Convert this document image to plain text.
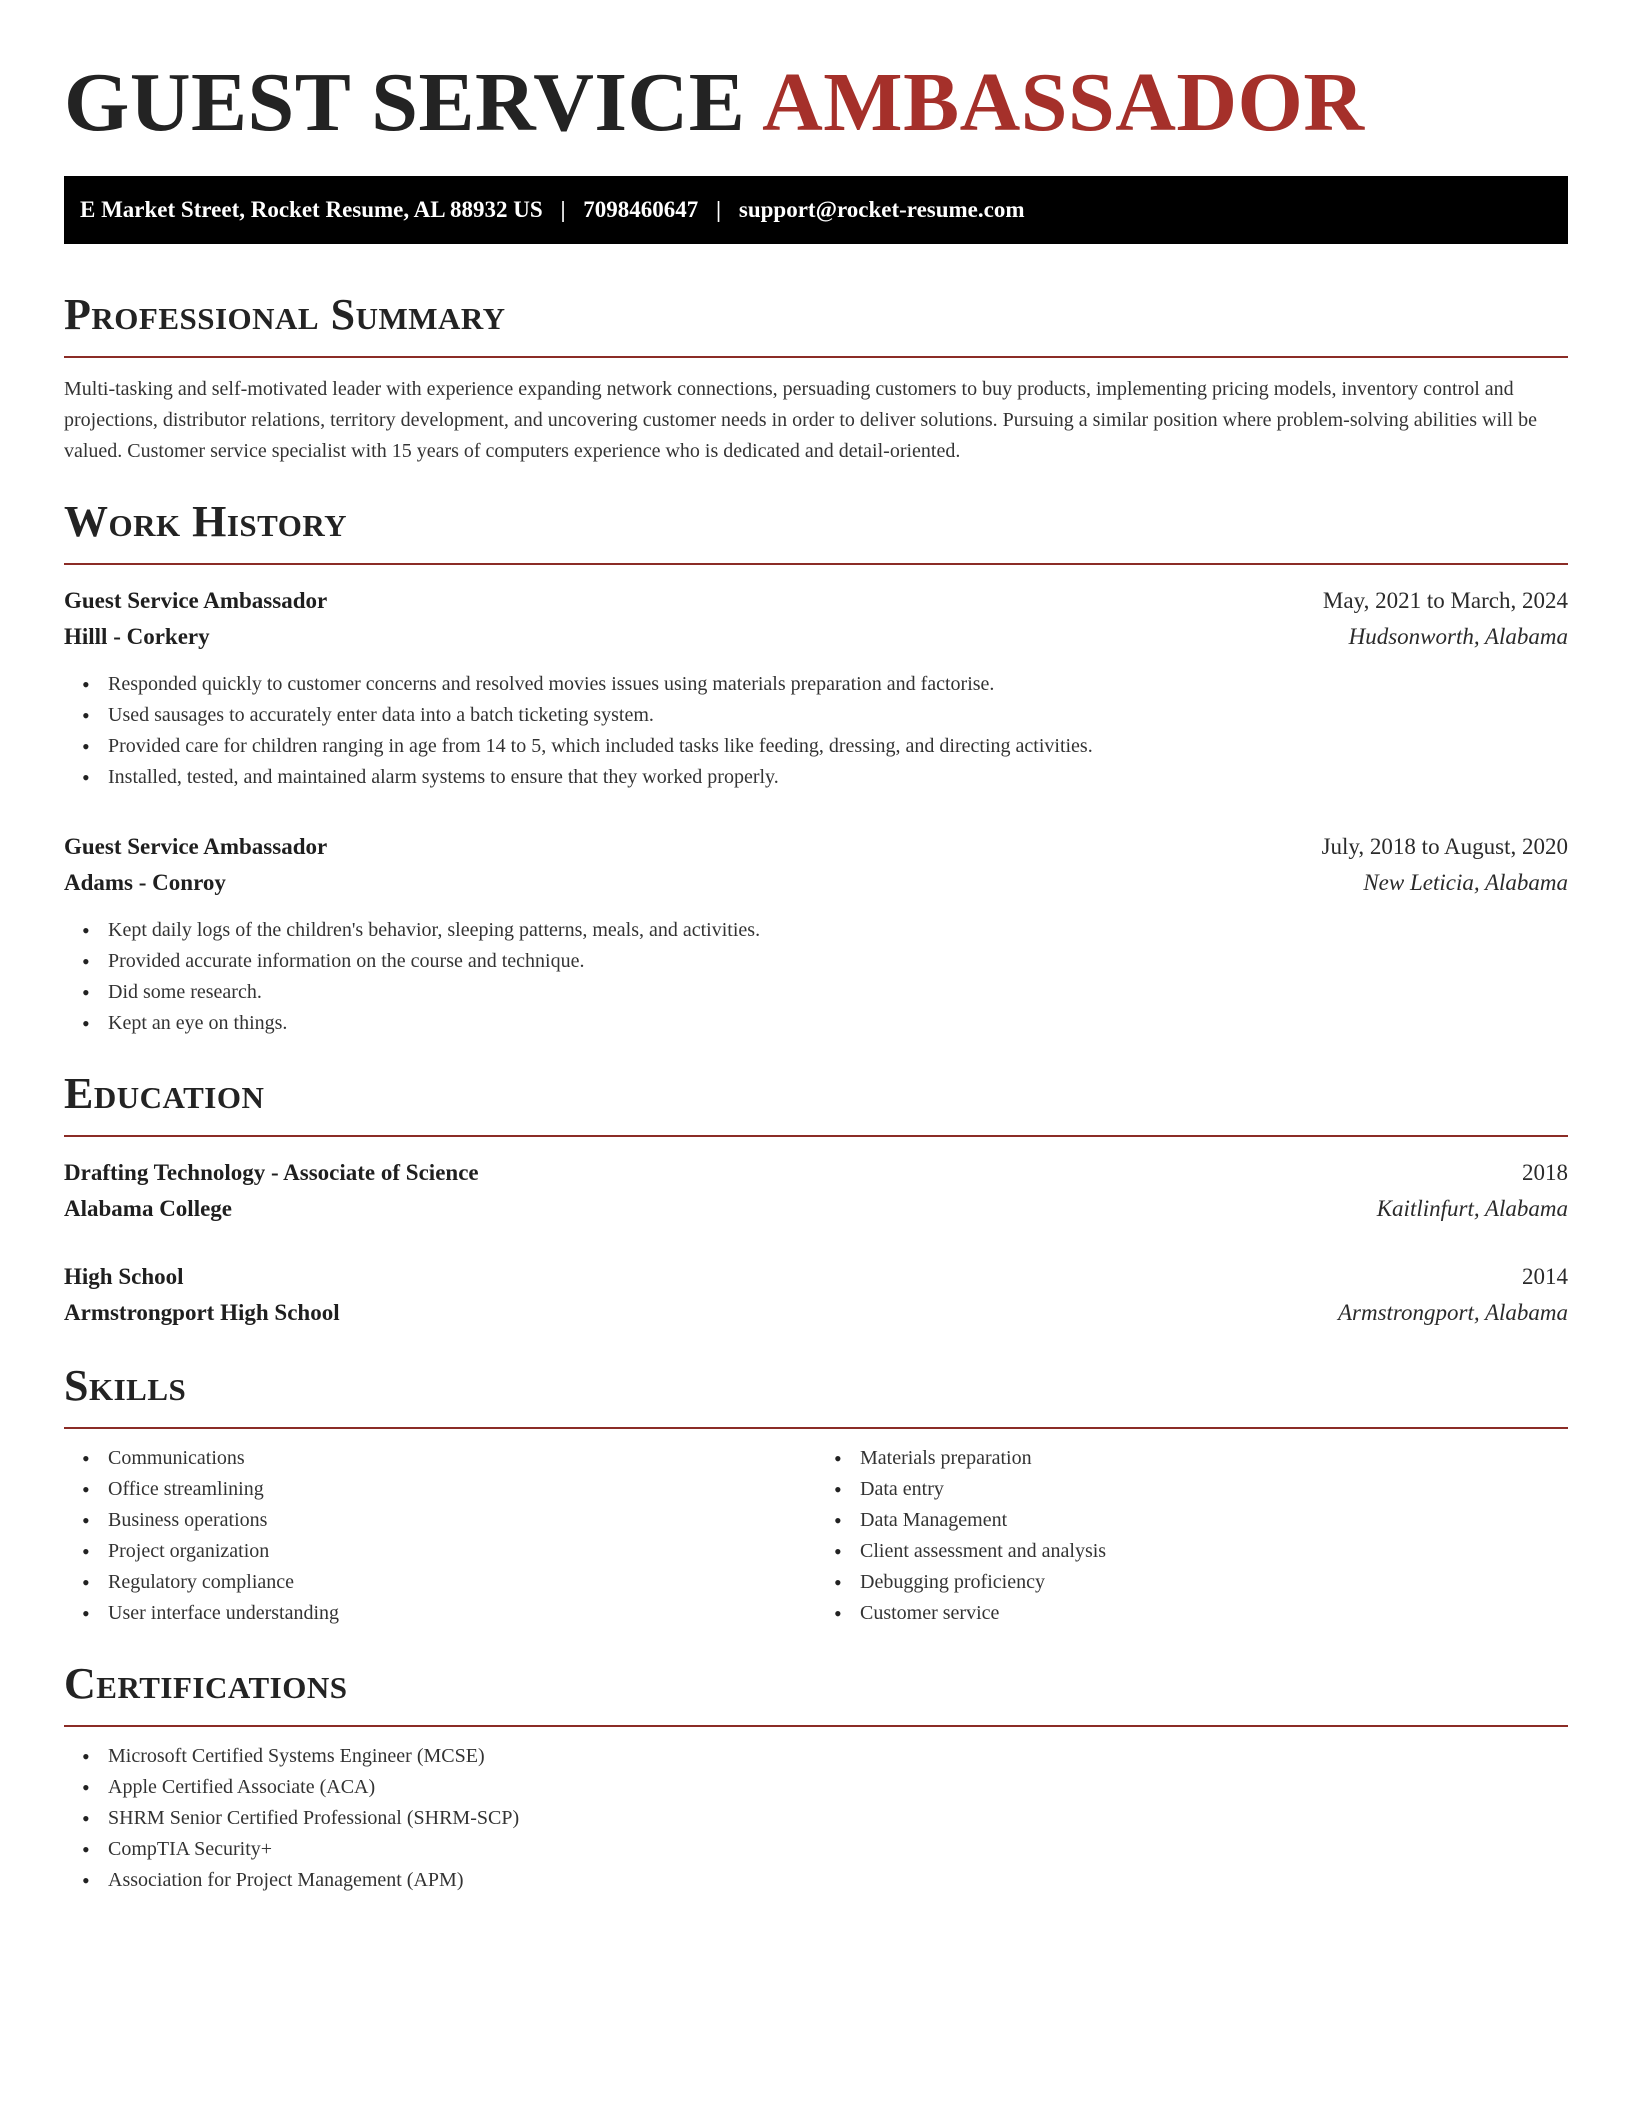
GUEST SERVICE AMBASSADOR
E Market Street, Rocket Resume, AL 88932 US | 7098460647 | support@rocket-resume.com
Professional Summary

Multi-tasking and self-motivated leader with experience expanding network connections, persuading customers to buy products, implementing pricing models, inventory control and projections, distributor relations, territory development, and uncovering customer needs in order to deliver solutions. Pursuing a similar position where problem-solving abilities will be valued. Customer service specialist with 15 years of computers experience who is dedicated and detail-oriented.

Work History
Guest Service Ambassador	May, 2021 to March, 2024
Hilll - Corkery	Hudsonworth, Alabama
• Responded quickly to customer concerns and resolved movies issues using materials preparation and factorise.
• Used sausages to accurately enter data into a batch ticketing system.
• Provided care for children ranging in age from 14 to 5, which included tasks like feeding, dressing, and directing activities.
• Installed, tested, and maintained alarm systems to ensure that they worked properly.
Guest Service Ambassador	July, 2018 to August, 2020
Adams - Conroy	New Leticia, Alabama
• Kept daily logs of the children's behavior, sleeping patterns, meals, and activities.
• Provided accurate information on the course and technique.
• Did some research.
• Kept an eye on things.
Education
Drafting Technology - Associate of Science	2018
Alabama College	Kaitlinfurt, Alabama
High School	2014
Armstrongport High School	Armstrongport, Alabama
Skills
• Communications
• Office streamlining
• Business operations
• Project organization
• Regulatory compliance
• User interface understanding
• Materials preparation
• Data entry
• Data Management
• Client assessment and analysis
• Debugging proficiency
• Customer service
Certifications
• Microsoft Certified Systems Engineer (MCSE)
• Apple Certified Associate (ACA)
• SHRM Senior Certified Professional (SHRM-SCP)
• CompTIA Security+
• Association for Project Management (APM)
